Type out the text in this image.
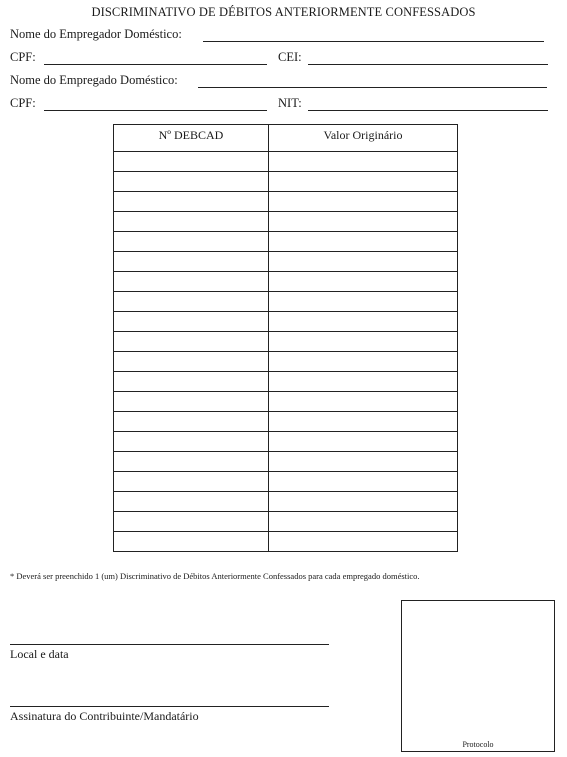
DISCRIMINATIVO DE DÉBITOS ANTERIORMENTE CONFESSADOS
Nome do Empregador Doméstico:
CPF:	CEI:
Nome do Empregado Doméstico:
CPF:	NIT:
Nº DEBCAD	Valor Originário

* Deverá ser preenchido 1 (um) Discriminativo de Débitos Anteriormente Confessados para cada empregado doméstico.
Local e data
Assinatura do Contribuinte/Mandatário
Protocolo
